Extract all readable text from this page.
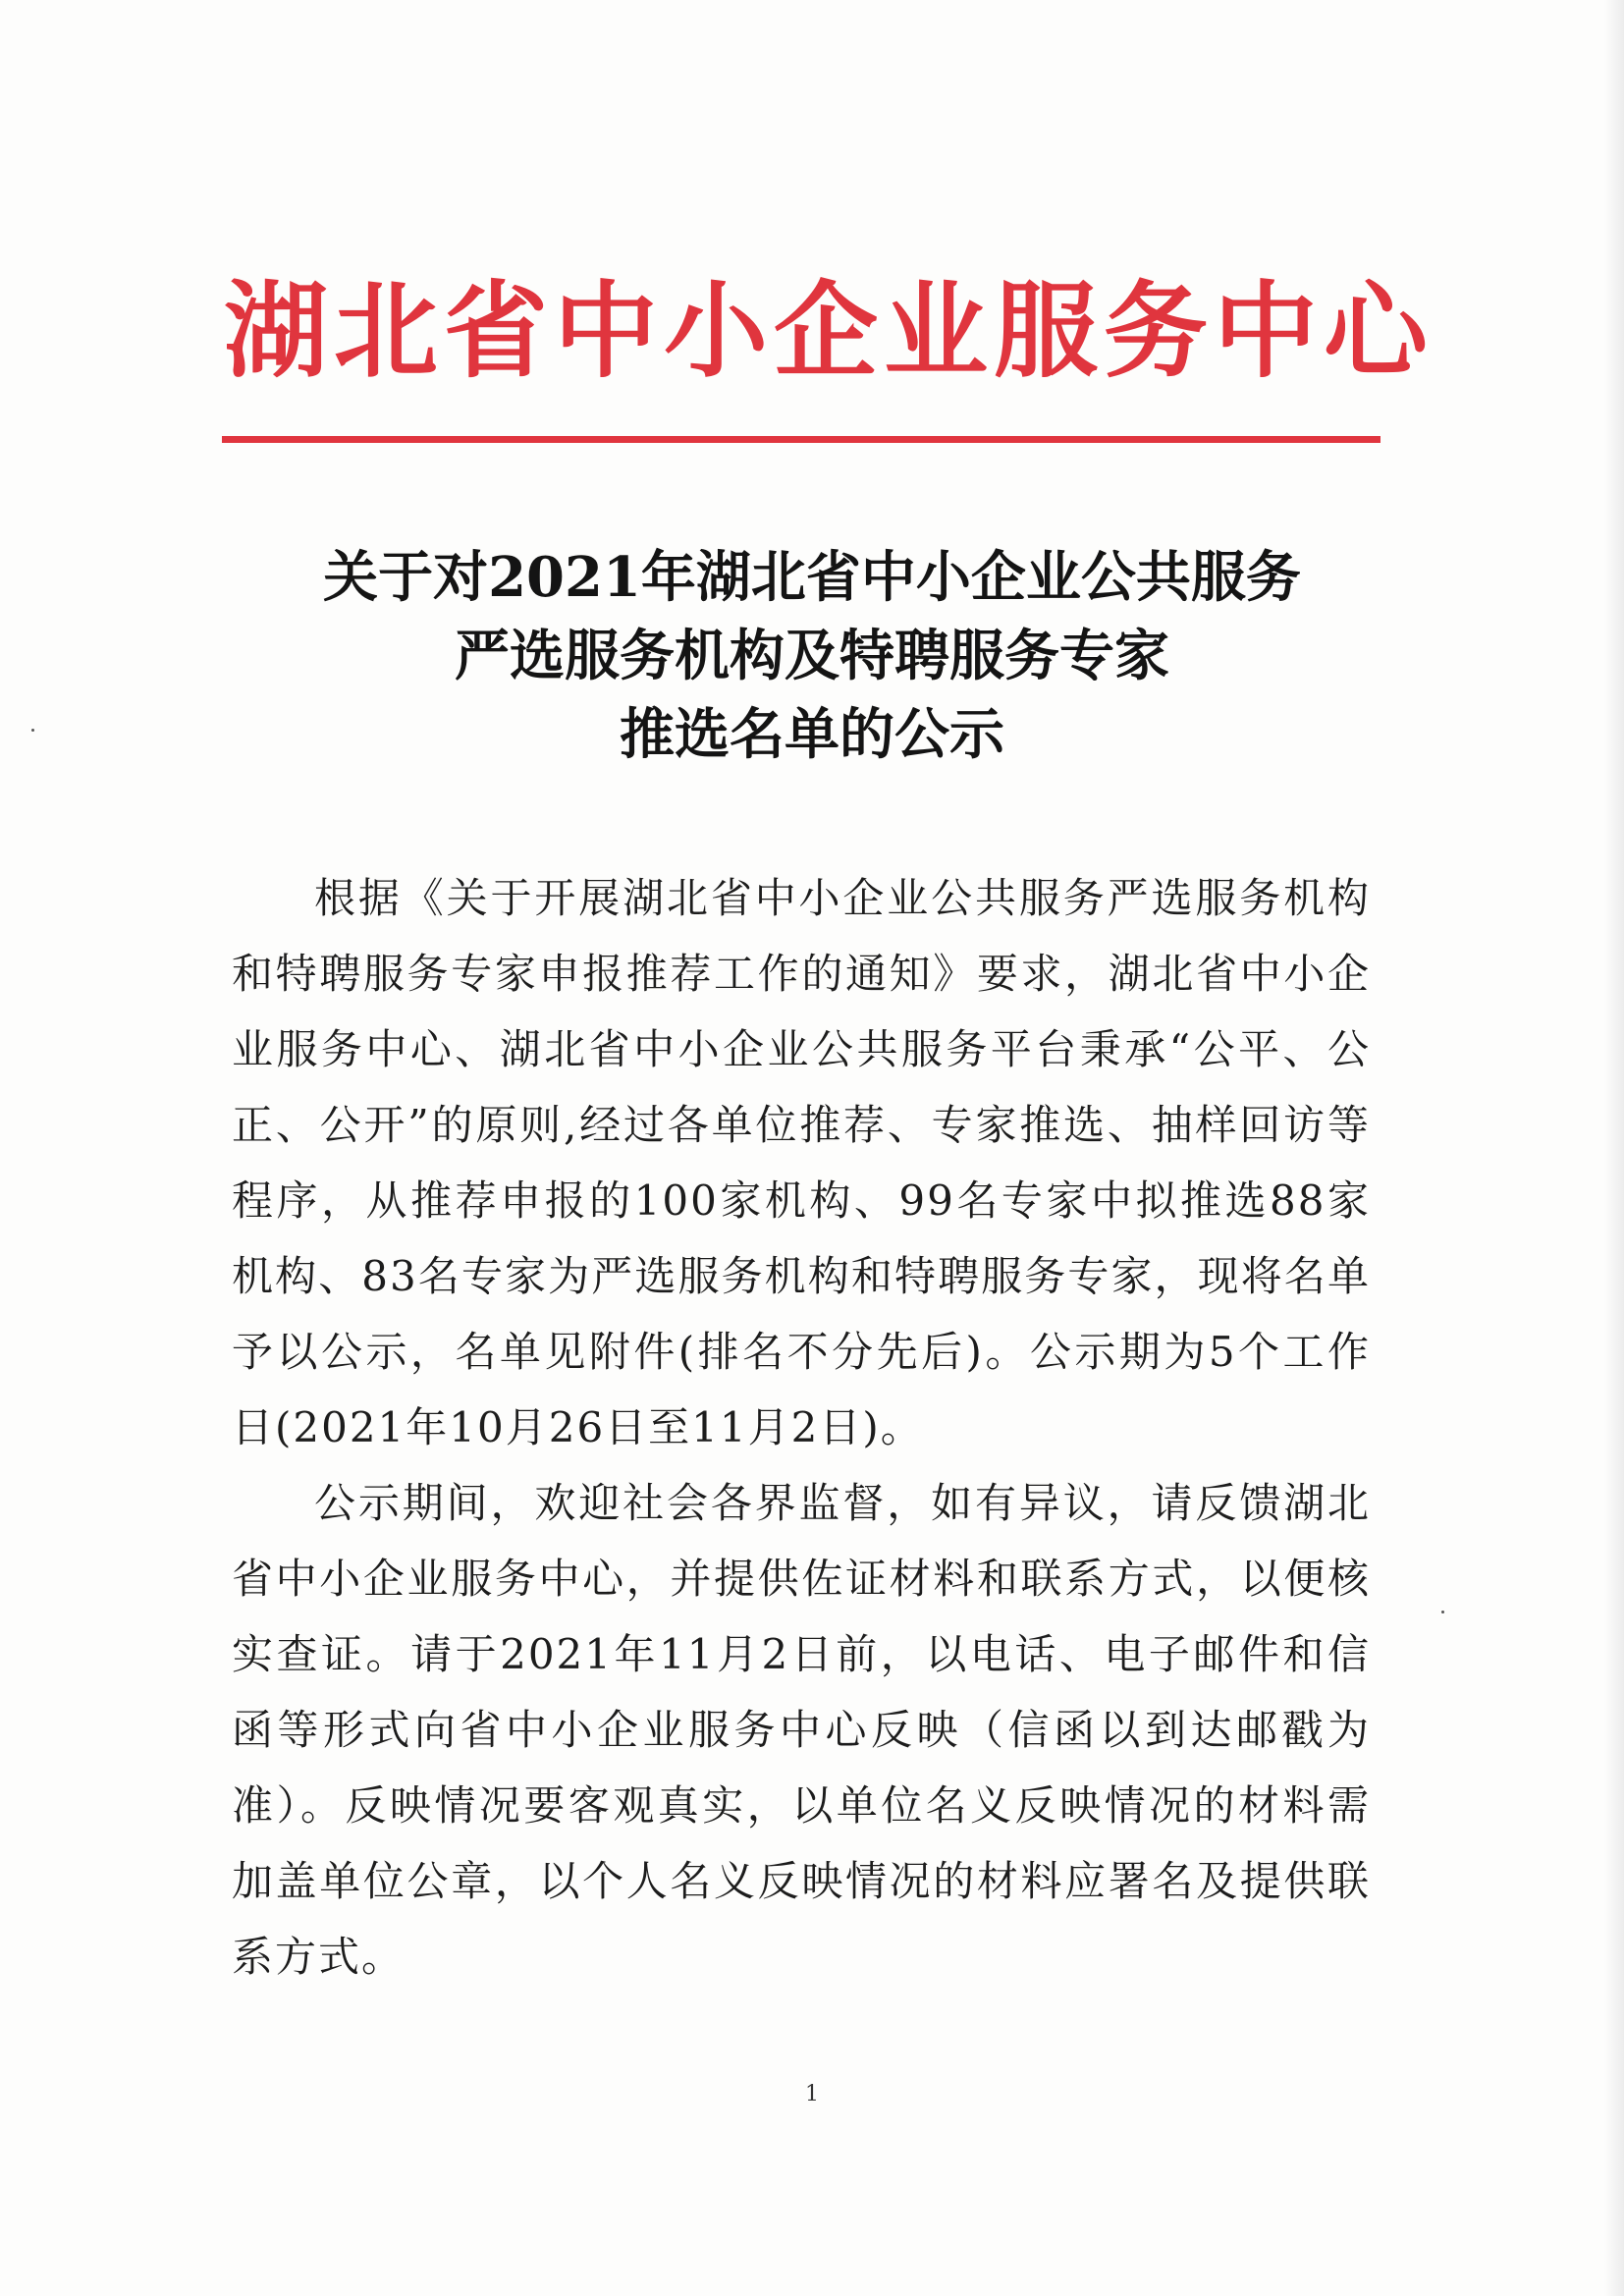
湖北省中小企业服务中心
关于对2021年湖北省中小企业公共服务
严选服务机构及特聘服务专家
推选名单的公示

根据《关于开展湖北省中小企业公共服务严选服务机构和特聘服务专家申报推荐工作的通知》要求，湖北省中小企业服务中心、湖北省中小企业公共服务平台秉承“公平、公正、公开”的原则,经过各单位推荐、专家推选、抽样回访等程序，从推荐申报的100家机构、99名专家中拟推选88家机构、83名专家为严选服务机构和特聘服务专家，现将名单予以公示，名单见附件(排名不分先后)。公示期为5个工作日(2021年10月26日至11月2日)。

公示期间，欢迎社会各界监督，如有异议，请反馈湖北省中小企业服务中心，并提供佐证材料和联系方式，以便核实查证。请于2021年11月2日前，以电话、电子邮件和信函等形式向省中小企业服务中心反映（信函以到达邮戳为准）。反映情况要客观真实，以单位名义反映情况的材料需加盖单位公章，以个人名义反映情况的材料应署名及提供联系方式。

1
